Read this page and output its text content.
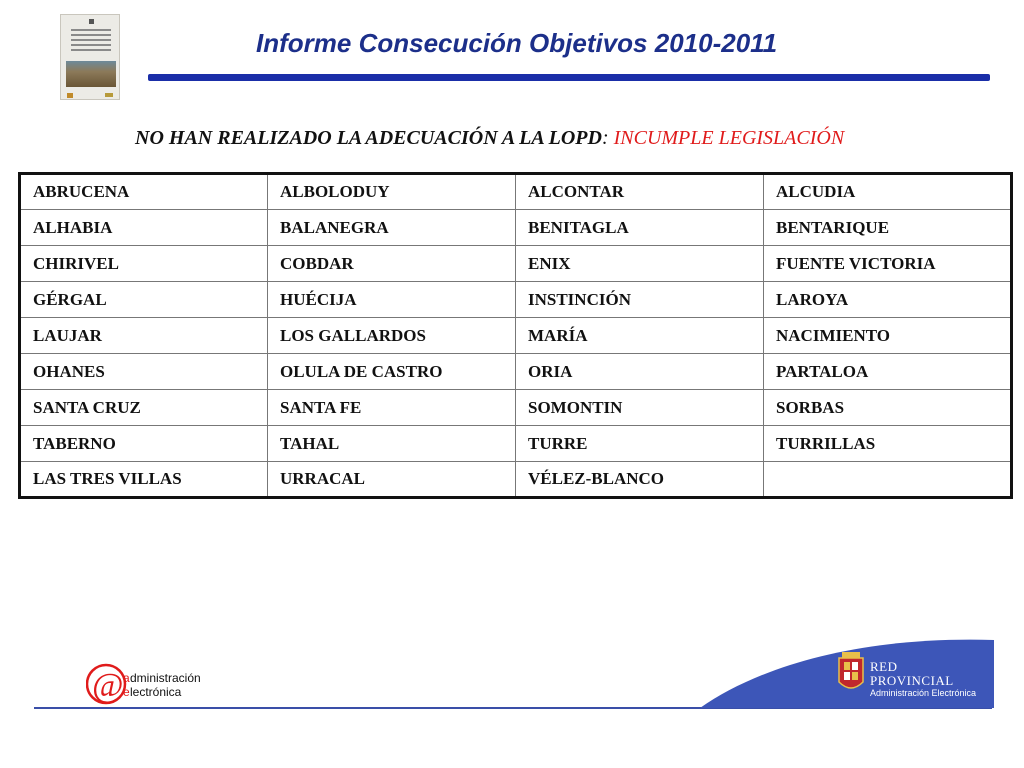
Informe Consecución Objetivos 2010-2011
NO HAN REALIZADO LA ADECUACIÓN A LA LOPD: INCUMPLE LEGISLACIÓN
ABRUCENA	ALBOLODUY	ALCONTAR	ALCUDIA
ALHABIA	BALANEGRA	BENITAGLA	BENTARIQUE
CHIRIVEL	COBDAR	ENIX	FUENTE VICTORIA
GÉRGAL	HUÉCIJA	INSTINCIÓN	LAROYA
LAUJAR	LOS GALLARDOS	MARÍA	NACIMIENTO
OHANES	OLULA DE CASTRO	ORIA	PARTALOA
SANTA CRUZ	SANTA FE	SOMONTIN	SORBAS
TABERNO	TAHAL	TURRE	TURRILLAS
LAS TRES VILLAS	URRACAL	VÉLEZ-BLANCO	
@ a dministración
e lectrónica
RED
PROVINCIAL
Administración Electrónica
